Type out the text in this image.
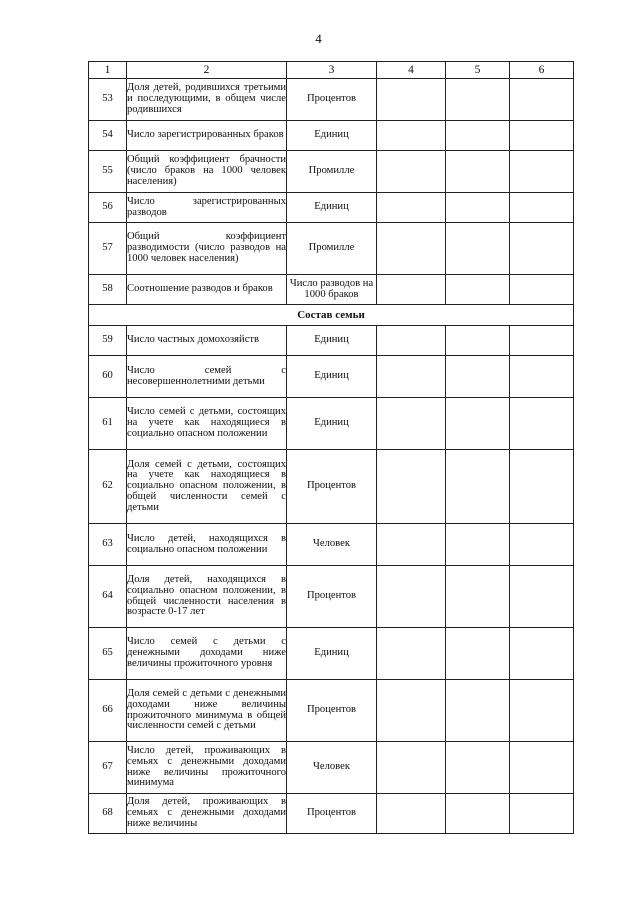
4
1	2	3	4	5	6
53	Доля детей, родившихся третьими и последующими, в общем числе родившихся	Процентов			
54	Число зарегистрированных браков	Единиц			
55	Общий коэффициент брачности (число браков на 1000 человек населения)	Промилле			
56	Число зарегистрированных разводов	Единиц			
57	Общий коэффициент разводимости (число разводов на 1000 человек населения)	Промилле			
58	Соотношение разводов и браков	Число разводов на 1000 браков			
Состав семьи					
59	Число частных домохозяйств	Единиц			
60	Число семей с несовершеннолетними детьми	Единиц			
61	Число семей с детьми, состоящих на учете как находящиеся в социально опасном положении	Единиц			
62	Доля семей с детьми, состоящих на учете как находящиеся в социально опасном положении, в общей численности семей с детьми	Процентов			
63	Число детей, находящихся в социально опасном положении	Человек			
64	Доля детей, находящихся в социально опасном положении, в общей численности населения в возрасте 0-17 лет	Процентов			
65	Число семей с детьми с денежными доходами ниже величины прожиточного уровня	Единиц			
66	Доля семей с детьми с денежными доходами ниже величины прожиточного минимума в общей численности семей с детьми	Процентов			
67	Число детей, проживающих в семьях с денежными доходами ниже величины прожиточного минимума	Человек			
68	Доля детей, проживающих в семьях с денежными доходами ниже величины	Процентов			
